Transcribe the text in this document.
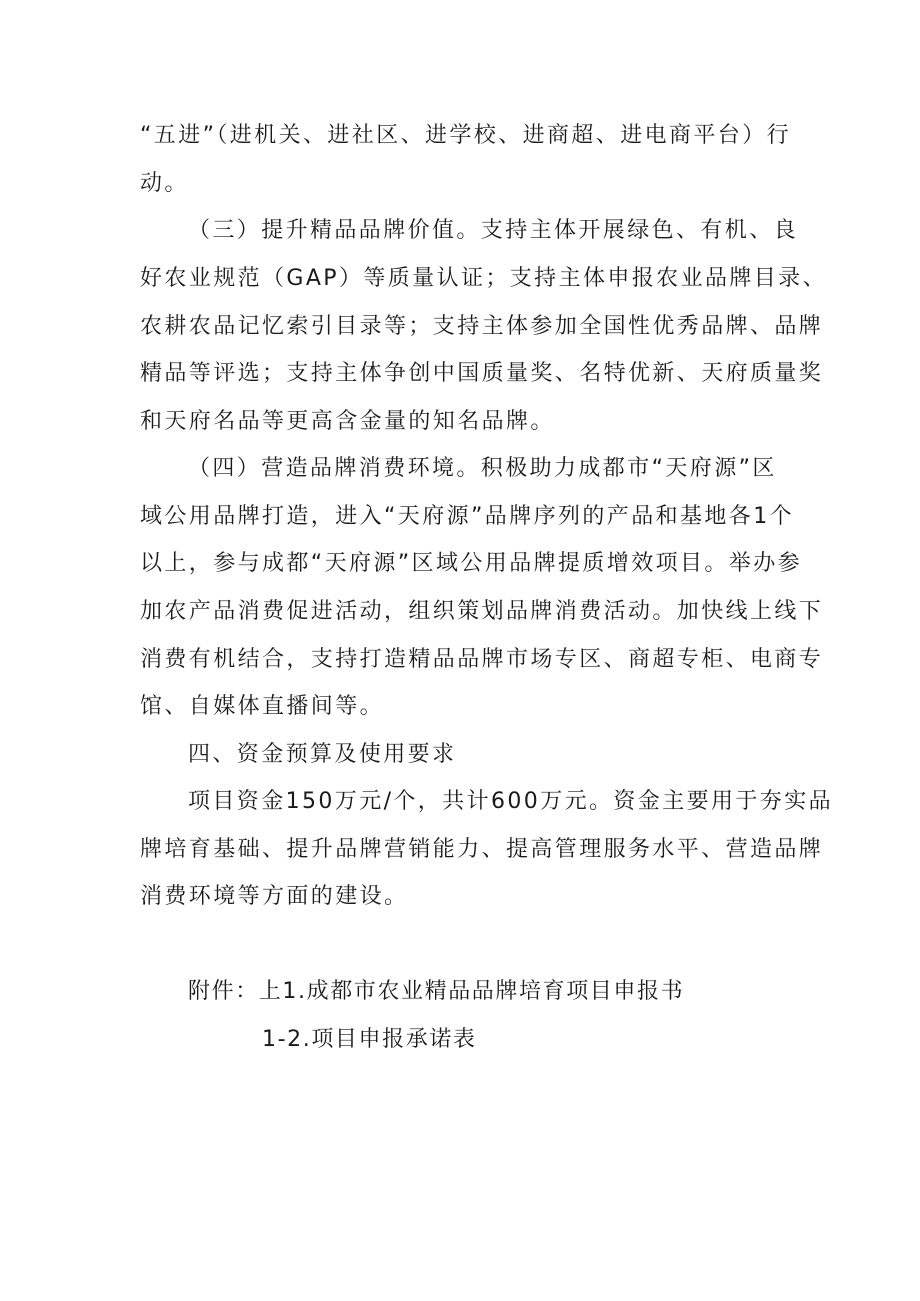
“五进”（进机关、进社区、进学校、进商超、进电商平台）行
动。
（三）提升精品品牌价值。支持主体开展绿色、有机、良
好农业规范（GAP）等质量认证；支持主体申报农业品牌目录、
农耕农品记忆索引目录等；支持主体参加全国性优秀品牌、品牌
精品等评选；支持主体争创中国质量奖、名特优新、天府质量奖
和天府名品等更高含金量的知名品牌。
（四）营造品牌消费环境。积极助力成都市“天府源”区
域公用品牌打造，进入“天府源”品牌序列的产品和基地各1个
以上，参与成都“天府源”区域公用品牌提质增效项目。举办参
加农产品消费促进活动，组织策划品牌消费活动。加快线上线下
消费有机结合，支持打造精品品牌市场专区、商超专柜、电商专
馆、自媒体直播间等。
四、资金预算及使用要求
项目资金150万元/个，共计600万元。资金主要用于夯实品
牌培育基础、提升品牌营销能力、提高管理服务水平、营造品牌
消费环境等方面的建设。
附件：上1.成都市农业精品品牌培育项目申报书
1-2.项目申报承诺表
